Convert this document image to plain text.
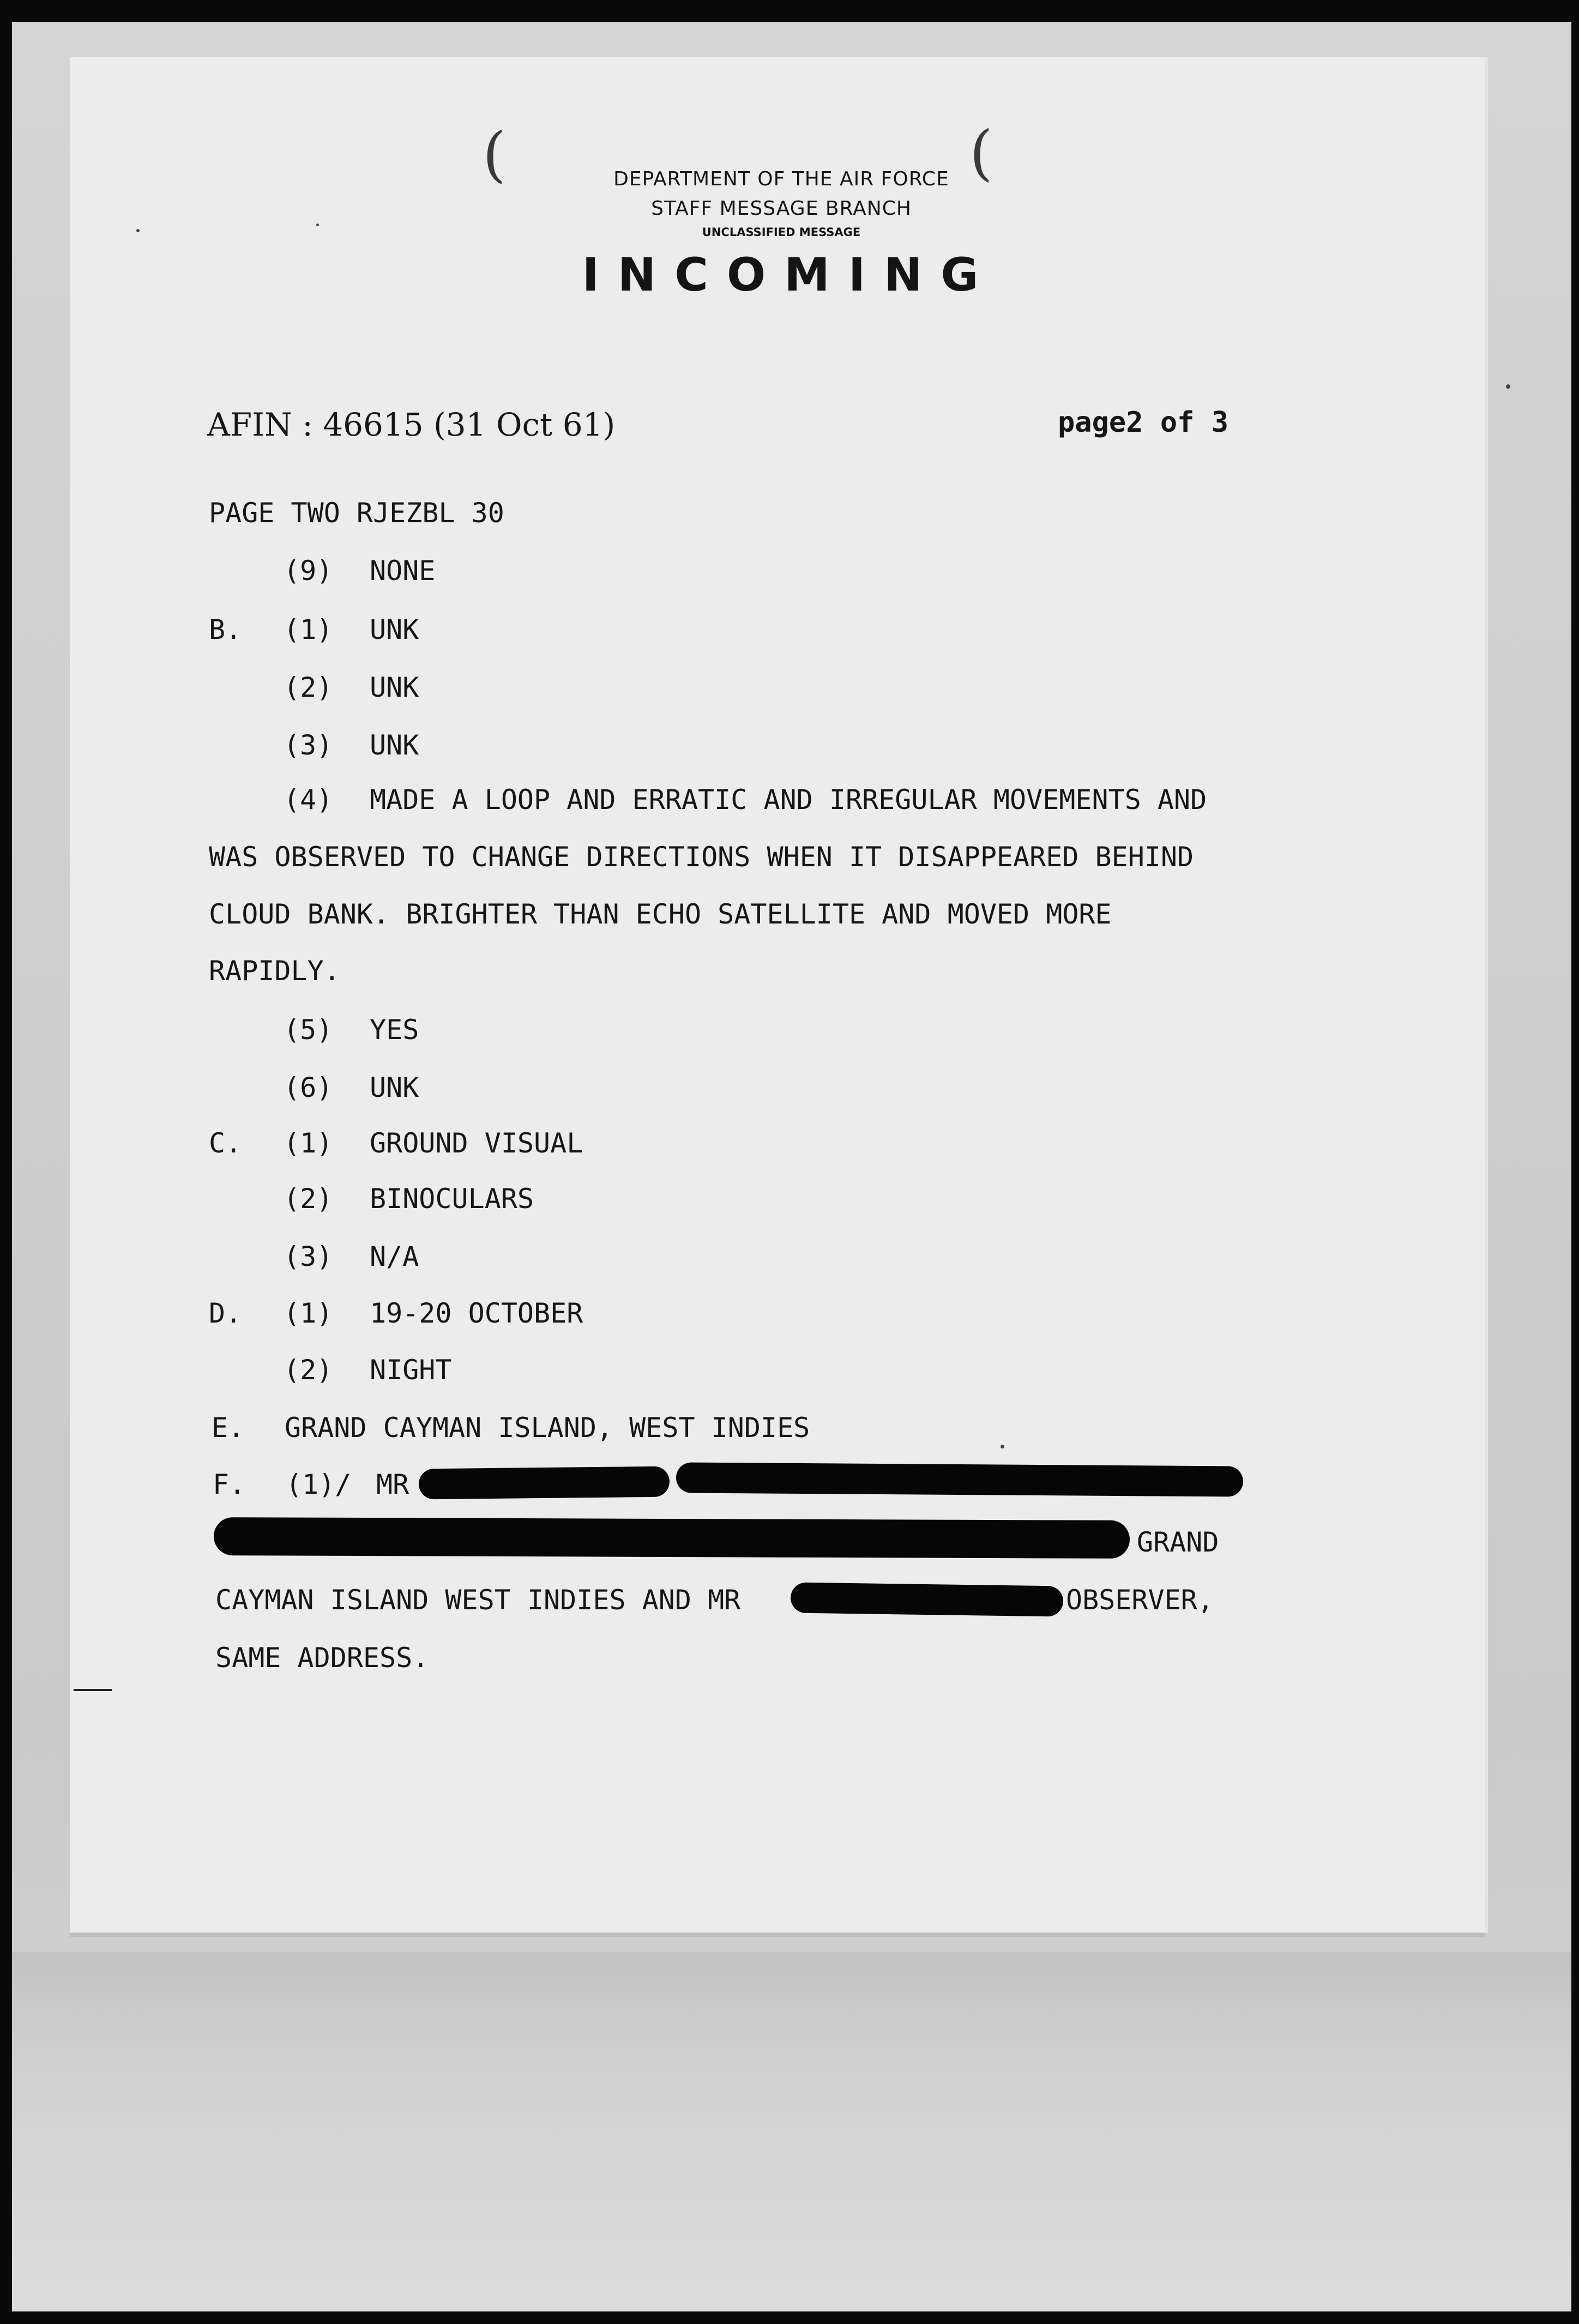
(	(
DEPARTMENT OF THE AIR FORCE
STAFF MESSAGE BRANCH
UNCLASSIFIED MESSAGE
INCOMING
AFIN : 46615 (31 Oct 61)	page2 of 3
PAGE TWO RJEZBL 30
(9) NONE
B. (1) UNK
(2) UNK
(3) UNK
(4) MADE A LOOP AND ERRATIC AND IRREGULAR MOVEMENTS AND
WAS OBSERVED TO CHANGE DIRECTIONS WHEN IT DISAPPEARED BEHIND
CLOUD BANK. BRIGHTER THAN ECHO SATELLITE AND MOVED MORE
RAPIDLY.
(5) YES
(6) UNK
C. (1) GROUND VISUAL
(2) BINOCULARS
(3) N/A
D. (1) 19-20 OCTOBER
(2) NIGHT
E. GRAND CAYMAN ISLAND, WEST INDIES
F. (1)/ MR
GRAND
CAYMAN ISLAND WEST INDIES AND MR	OBSERVER,
SAME ADDRESS.
